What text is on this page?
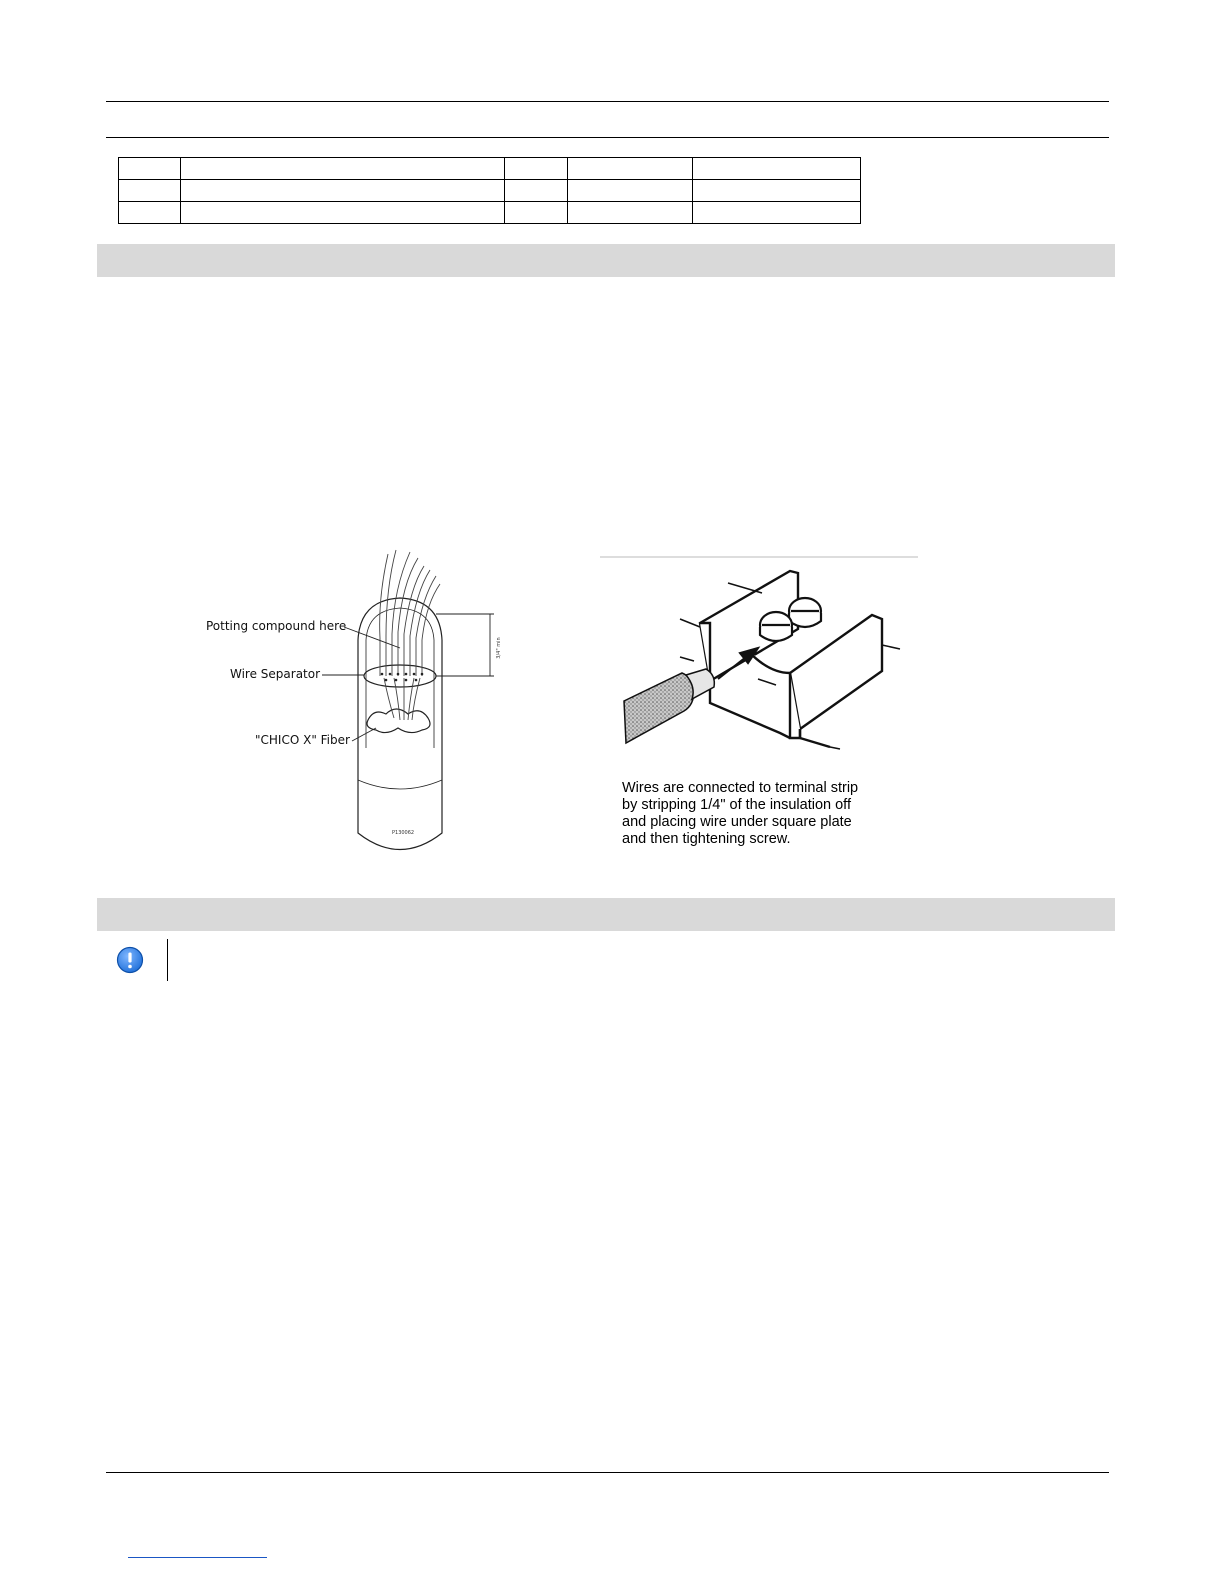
3/4" min
Potting compound here
Wire Separator
"CHICO X" Fiber
P130062
Wires are connected to terminal strip
by stripping 1/4" of the insulation off
and placing wire under square plate
and then tightening screw.
